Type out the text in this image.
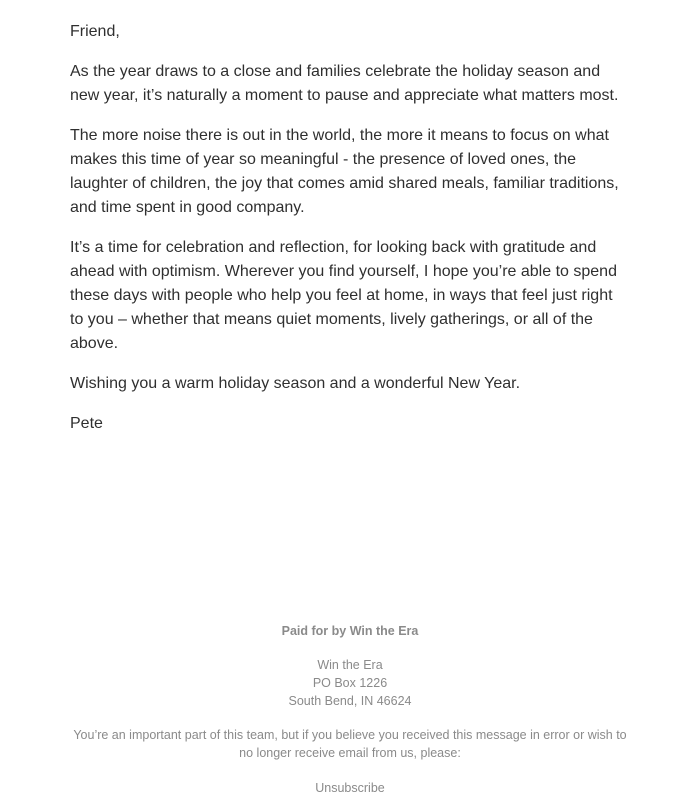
Friend,

As the year draws to a close and families celebrate the holiday season and new year, it’s naturally a moment to pause and appreciate what matters most.

The more noise there is out in the world, the more it means to focus on what makes this time of year so meaningful - the presence of loved ones, the laughter of children, the joy that comes amid shared meals, familiar traditions, and time spent in good company.

It’s a time for celebration and reflection, for looking back with gratitude and ahead with optimism. Wherever you find yourself, I hope you’re able to spend these days with people who help you feel at home, in ways that feel just right to you – whether that means quiet moments, lively gatherings, or all of the above.

Wishing you a warm holiday season and a wonderful New Year.

Pete

Paid for by Win the Era
Win the Era
PO Box 1226
South Bend, IN 46624
You’re an important part of this team, but if you believe you received this message in error or wish to no longer receive email from us, please:
Unsubscribe
